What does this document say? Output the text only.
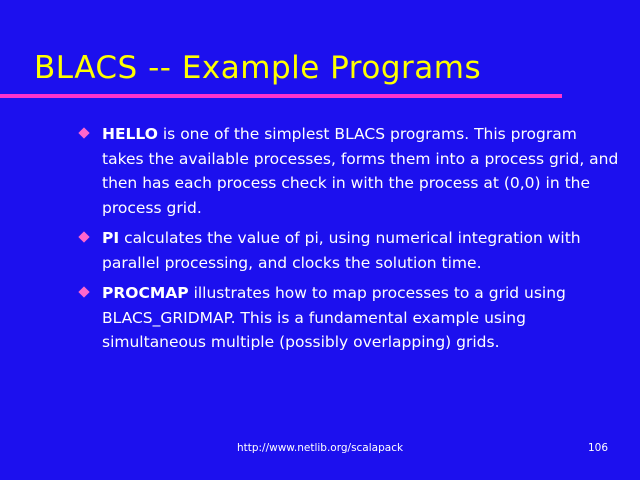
BLACS -- Example Programs
HELLO is one of the simplest BLACS programs. This program takes the available processes, forms them into a process grid, and then has each process check in with the process at (0,0) in the process grid.
PI calculates the value of pi, using numerical integration with parallel processing, and clocks the solution time.
PROCMAP illustrates how to map processes to a grid using BLACS_GRIDMAP. This is a fundamental example using simultaneous multiple (possibly overlapping) grids.
http://www.netlib.org/scalapack	106
